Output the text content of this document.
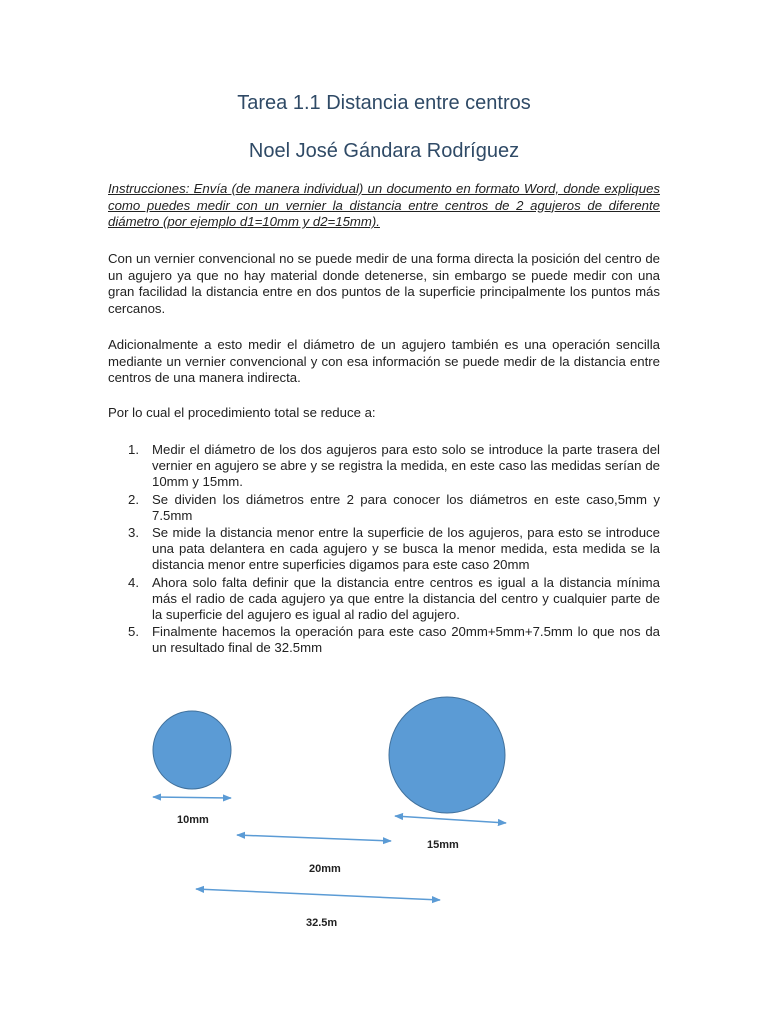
Tarea 1.1 Distancia entre centros
Noel José Gándara Rodríguez

Instrucciones: Envía (de manera individual) un documento en formato Word, donde expliques como puedes medir con un vernier la distancia entre centros de 2 agujeros de diferente diámetro (por ejemplo d1=10mm y d2=15mm).

Con un vernier convencional no se puede medir de una forma directa la posición del centro de un agujero ya que no hay material donde detenerse, sin embargo se puede medir con una gran facilidad la distancia entre en dos puntos de la superficie principalmente los puntos más cercanos.

Adicionalmente a esto medir el diámetro de un agujero también es una operación sencilla mediante un vernier convencional y con esa información se puede medir de la distancia entre centros de una manera indirecta.

Por lo cual el procedimiento total se reduce a:

1. Medir el diámetro de los dos agujeros para esto solo se introduce la parte trasera del vernier en agujero se abre y se registra la medida, en este caso las medidas serían de 10mm y 15mm.
2. Se dividen los diámetros entre 2 para conocer los diámetros en este caso,5mm y 7.5mm
3. Se mide la distancia menor entre la superficie de los agujeros, para esto se introduce una pata delantera en cada agujero y se busca la menor medida, esta medida se la distancia menor entre superficies digamos para este caso 20mm
4. Ahora solo falta definir que la distancia entre centros es igual a la distancia mínima más el radio de cada agujero ya que entre la distancia del centro y cualquier parte de la superficie del agujero es igual al radio del agujero.
5. Finalmente hacemos la operación para este caso 20mm+5mm+7.5mm lo que nos da un resultado final de 32.5mm
10mm
15mm
20mm
32.5m
